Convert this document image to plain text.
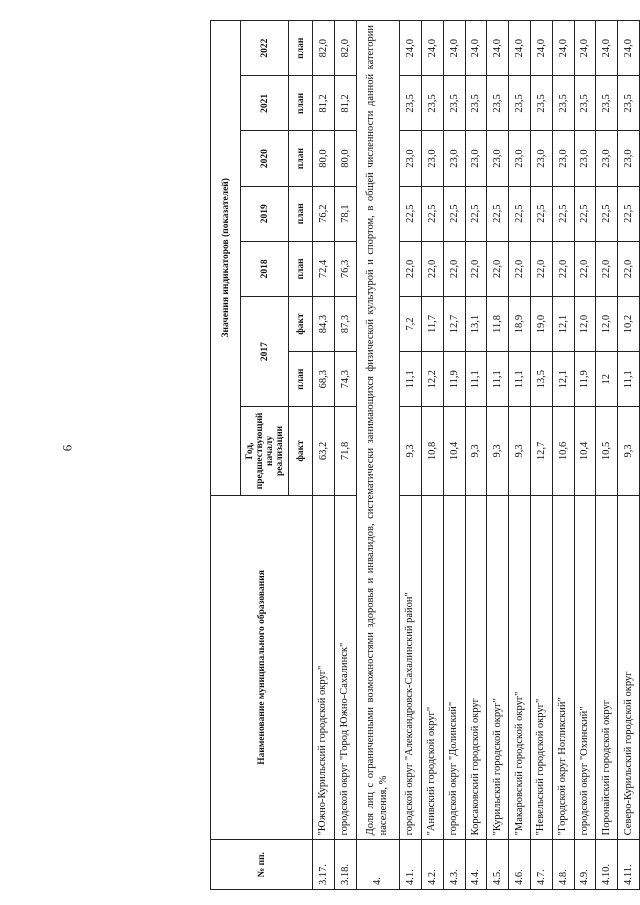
6
№ пп.	Наименование муниципального образования	Значения индикаторов (показателей)							
		Год, предшествующий началу реализации	2017		2018	2019	2020	2021	2022
		факт	план	факт	план	план	план	план	план
3.17.	"Южно-Курильский городской округ"	63,2	68,3	84,3	72,4	76,2	80,0	81,2	82,0
3.18.	городской округ "Город Южно-Сахалинск"	71,8	74,3	87,3	76,3	78,1	80,0	81,2	82,0
4.	Доля лиц с ограниченными возможностями здоровья и инвалидов, систематически занимающихся физической культурой и спортом, в общей численности данной категории населения, %								
4.1.	городской округ "Александровск-Сахалинский район"	9,3	11,1	7,2	22,0	22,5	23,0	23,5	24,0
4.2.	"Анивский городской округ"	10,8	12,2	11,7	22,0	22,5	23,0	23,5	24,0
4.3.	городской округ "Долинский"	10,4	11,9	12,7	22,0	22,5	23,0	23,5	24,0
4.4.	Корсаковский городской округ	9,3	11,1	13,1	22,0	22,5	23,0	23,5	24,0
4.5.	"Курильский городской округ"	9,3	11,1	11,8	22,0	22,5	23,0	23,5	24,0
4.6.	"Макаровский городской округ"	9,3	11,1	18,9	22,0	22,5	23,0	23,5	24,0
4.7.	"Невельский городской округ"	12,7	13,5	19,0	22,0	22,5	23,0	23,5	24,0
4.8.	"Городской округ Ногликский"	10,6	12,1	12,1	22,0	22,5	23,0	23,5	24,0
4.9.	городской округ "Охинский"	10,4	11,9	12,0	22,0	22,5	23,0	23,5	24,0
4.10.	Поронайский городской округ	10,5	12	12,0	22,0	22,5	23,0	23,5	24,0
4.11.	Северо-Курильский городской округ	9,3	11,1	10,2	22,0	22,5	23,0	23,5	24,0
